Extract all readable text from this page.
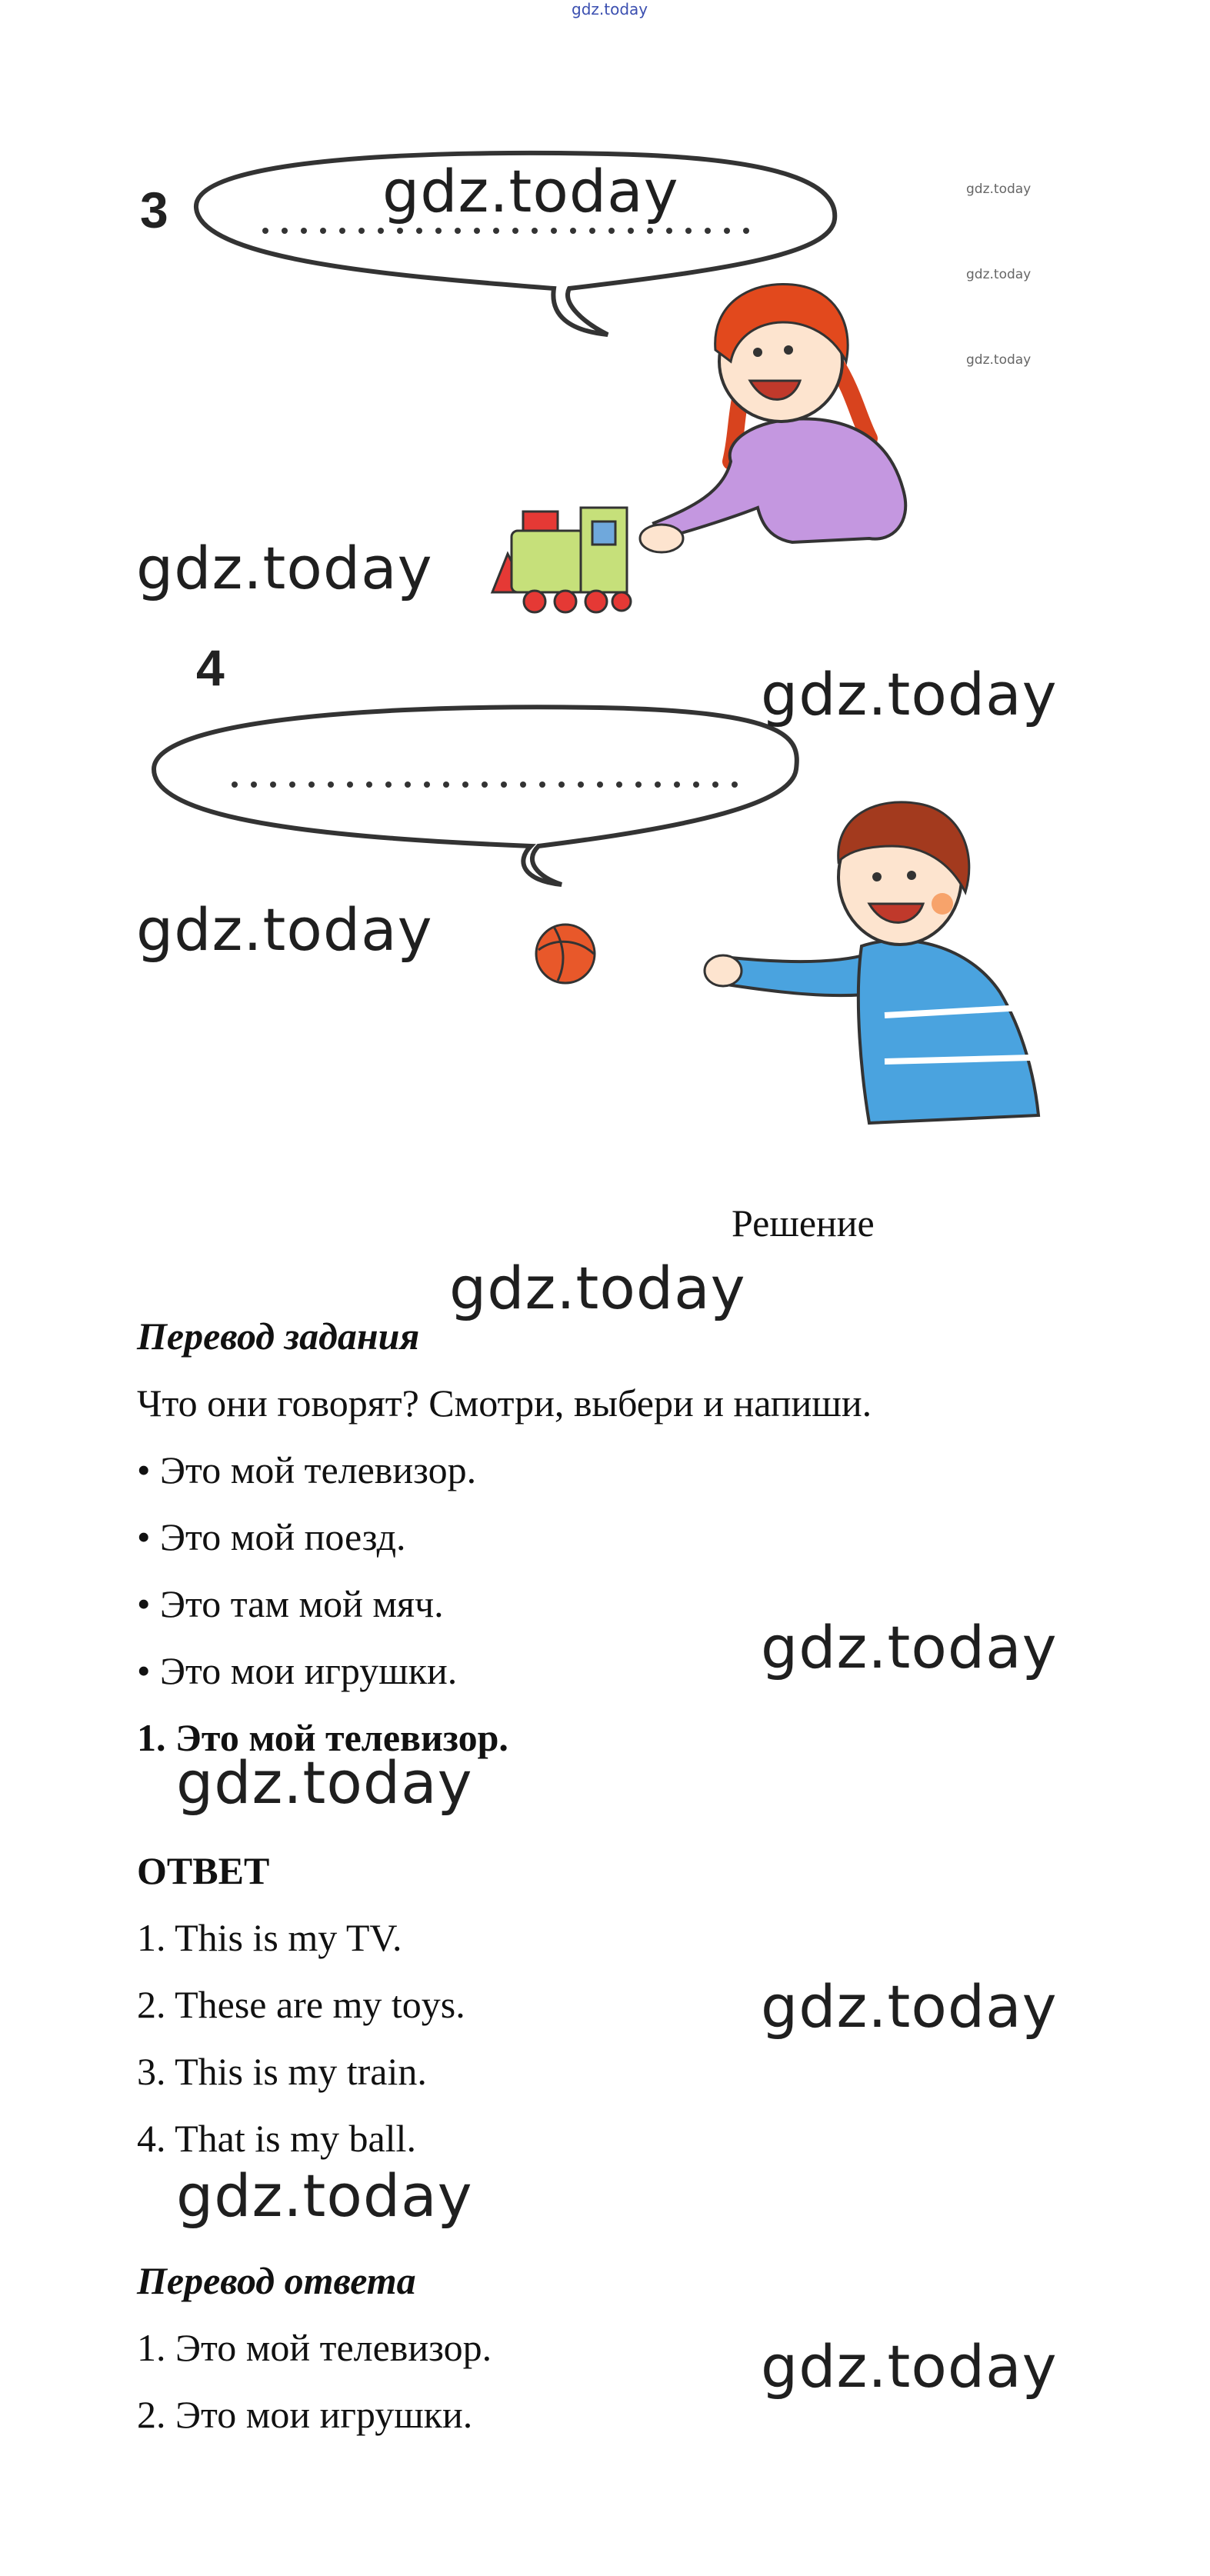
gdz.today
3
4
gdz.today
gdz.today
gdz.today
gdz.today
gdz.today
gdz.today
gdz.today
gdz.today
gdz.today
gdz.today
gdz.today
gdz.today
gdz.today
Решение
Перевод задания
Что они говорят? Смотри, выбери и напиши.
• Это мой телевизор.
• Это мой поезд.
• Это там мой мяч.
• Это мои игрушки.
1. Это мой телевизор.
ОТВЕТ
1. This is my TV.
2. These are my toys.
3. This is my train.
4. That is my ball.
Перевод ответа
1. Это мой телевизор.
2. Это мои игрушки.
